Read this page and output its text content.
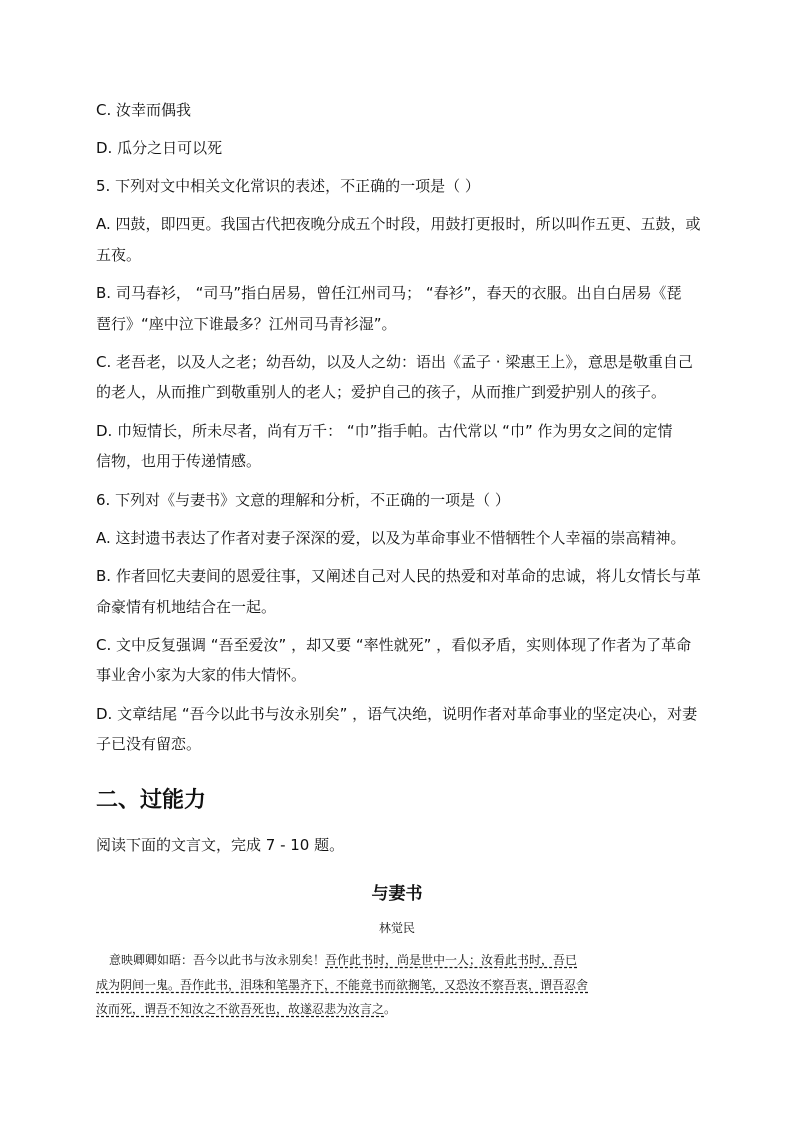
C. 汝幸而偶我
D. 瓜分之日可以死
5. 下列对文中相关文化常识的表述，不正确的一项是（ ）
A. 四鼓，即四更。我国古代把夜晚分成五个时段，用鼓打更报时，所以叫作五更、五鼓，或
五夜。
B. 司马春衫， “司马”指白居易，曾任江州司马； “春衫”，春天的衣服。出自白居易《琵
琶行》“座中泣下谁最多？江州司马青衫湿”。
C. 老吾老，以及人之老；幼吾幼，以及人之幼：语出《孟子 · 梁惠王上》，意思是敬重自己
的老人，从而推广到敬重别人的老人；爱护自己的孩子，从而推广到爱护别人的孩子。
D. 巾短情长，所未尽者，尚有万千： “巾”指手帕。古代常以 “巾” 作为男女之间的定情
信物，也用于传递情感。
6. 下列对《与妻书》文意的理解和分析，不正确的一项是（ ）
A. 这封遗书表达了作者对妻子深深的爱，以及为革命事业不惜牺牲个人幸福的崇高精神。
B. 作者回忆夫妻间的恩爱往事，又阐述自己对人民的热爱和对革命的忠诚，将儿女情长与革
命豪情有机地结合在一起。
C. 文中反复强调 “吾至爱汝” ，却又要 “率性就死” ，看似矛盾，实则体现了作者为了革命
事业舍小家为大家的伟大情怀。
D. 文章结尾 “吾今以此书与汝永别矣” ，语气决绝，说明作者对革命事业的坚定决心，对妻
子已没有留恋。
二、过能力
阅读下面的文言文，完成 7 - 10 题。
与妻书
林觉民
意映卿卿如晤：吾今以此书与汝永别矣！吾作此书时，尚是世中一人；汝看此书时，吾已
成为阴间一鬼。吾作此书，泪珠和笔墨齐下，不能竟书而欲搁笔，又恐汝不察吾衷，谓吾忍舍
汝而死，谓吾不知汝之不欲吾死也，故遂忍悲为汝言之。
